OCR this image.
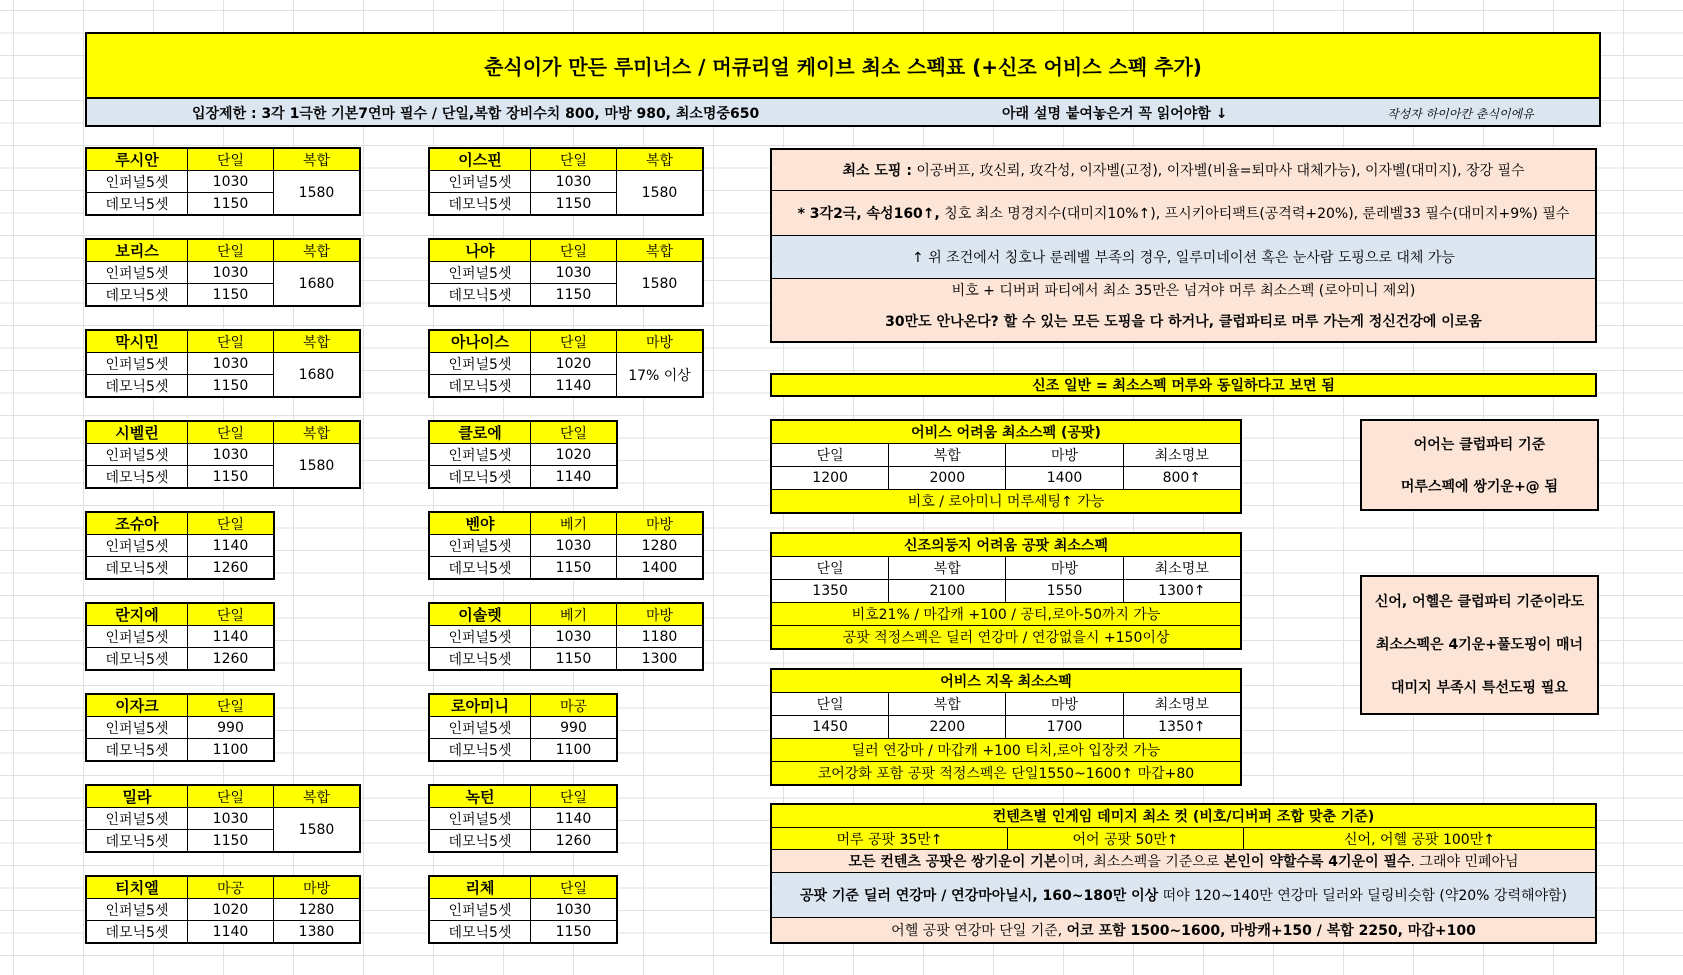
춘식이가 만든 루미너스 / 머큐리얼 케이브 최소 스펙표 (+신조 어비스 스펙 추가)
입장제한 : 3각 1극한 기본7연마 필수 / 단일,복합 장비수치 800, 마방 980, 최소명중650	아래 설명 붙여놓은거 꼭 읽어야함 ↓	작성자 하이아칸 춘식이에유
루시안	단일	복합
인퍼널5셋	1030	1580
데모닉5셋	1150	
보리스	단일	복합
인퍼널5셋	1030	1680
데모닉5셋	1150	
막시민	단일	복합
인퍼널5셋	1030	1680
데모닉5셋	1150	
시벨린	단일	복합
인퍼널5셋	1030	1580
데모닉5셋	1150	
조슈아	단일
인퍼널5셋	1140
데모닉5셋	1260
란지에	단일
인퍼널5셋	1140
데모닉5셋	1260
이자크	단일
인퍼널5셋	990
데모닉5셋	1100
밀라	단일	복합
인퍼널5셋	1030	1580
데모닉5셋	1150	
티치엘	마공	마방
인퍼널5셋	1020	1280
데모닉5셋	1140	1380
이스핀	단일	복합
인퍼널5셋	1030	1580
데모닉5셋	1150	
나야	단일	복합
인퍼널5셋	1030	1580
데모닉5셋	1150	
아나이스	단일	마방
인퍼널5셋	1020	17% 이상
데모닉5셋	1140	
클로에	단일
인퍼널5셋	1020
데모닉5셋	1140
벤야	베기	마방
인퍼널5셋	1030	1280
데모닉5셋	1150	1400
이솔렛	베기	마방
인퍼널5셋	1030	1180
데모닉5셋	1150	1300
로아미니	마공
인퍼널5셋	990
데모닉5셋	1100
녹턴	단일
인퍼널5셋	1140
데모닉5셋	1260
리체	단일
인퍼널5셋	1030
데모닉5셋	1150
최소 도핑 : 이공버프, 攻신뢰, 攻각성, 이자벨(고정), 이자벨(비율=퇴마사 대체가능), 이자벨(대미지), 장강 필수
* 3각2극, 속성160↑, 칭호 최소 명경지수(대미지10%↑), 프시키아티팩트(공격력+20%), 룬레벨33 필수(대미지+9%) 필수
↑ 위 조건에서 칭호나 룬레벨 부족의 경우, 일루미네이션 혹은 눈사람 도핑으로 대체 가능
비호 + 디버퍼 파티에서 최소 35만은 넘겨야 머루 최소스펙 (로아미니 제외)
30만도 안나온다? 할 수 있는 모든 도핑을 다 하거나, 클럽파티로 머루 가는게 정신건강에 이로움
신조 일반 = 최소스펙 머루와 동일하다고 보면 됨
어비스 어려움 최소스펙 (공팟)			
단일	복합	마방	최소명보
1200	2000	1400	800↑
비호 / 로아미니 머루세팅↑ 가능			
신조의둥지 어려움 공팟 최소스펙			
단일	복합	마방	최소명보
1350	2100	1550	1300↑
비호21% / 마갑캐 +100 / 공티,로아-50까지 가능			
공팟 적정스펙은 딜러 연강마 / 연강없을시 +150이상			
어비스 지옥 최소스펙			
단일	복합	마방	최소명보
1450	2200	1700	1350↑
딜러 연강마 / 마갑캐 +100 티치,로아 입장컷 가능			
코어강화 포함 공팟 적정스펙은 단일1550~1600↑ 마갑+80			
어어는 클럽파티 기준
머루스펙에 쌍기운+@ 됨
신어, 어헬은 클럽파티 기준이라도
최소스펙은 4기운+풀도핑이 매너
대미지 부족시 특선도핑 필요
컨텐츠별 인게임 데미지 최소 컷 (비호/디버퍼 조합 맞춘 기준)
머루 공팟 35만↑	어어 공팟 50만↑	신어, 어헬 공팟 100만↑
모든 컨텐츠 공팟은 쌍기운이 기본이며, 최소스펙을 기준으로 본인이 약할수록 4기운이 필수. 그래야 민폐아님
공팟 기준 딜러 연강마 / 연강마아닐시, 160~180만 이상 떠야 120~140만 연강마 딜러와 딜링비슷함 (약20% 강력해야함)
어헬 공팟 연강마 단일 기준, 어코 포함 1500~1600, 마방캐+150 / 복합 2250, 마갑+100
